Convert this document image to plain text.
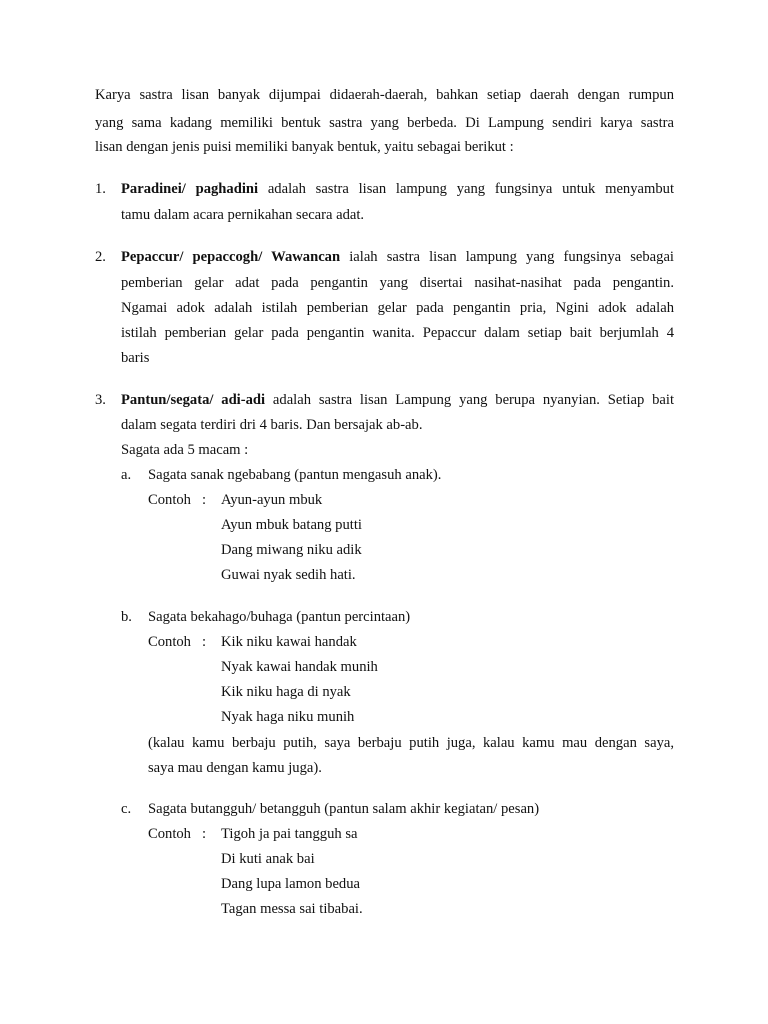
Karya sastra lisan banyak dijumpai didaerah-daerah, bahkan setiap daerah dengan rumpun
yang sama kadang memiliki bentuk sastra yang berbeda. Di Lampung sendiri karya sastra
lisan dengan jenis puisi memiliki banyak bentuk, yaitu sebagai berikut :
1. Paradinei/ paghadini adalah sastra lisan lampung yang fungsinya untuk menyambut
tamu dalam acara pernikahan secara adat.
2. Pepaccur/ pepaccogh/ Wawancan ialah sastra lisan lampung yang fungsinya sebagai
pemberian gelar adat pada pengantin yang disertai nasihat-nasihat pada pengantin.
Ngamai adok adalah istilah pemberian gelar pada pengantin pria, Ngini adok adalah
istilah pemberian gelar pada pengantin wanita. Pepaccur dalam setiap bait berjumlah 4
baris
3. Pantun/segata/ adi-adi adalah sastra lisan Lampung yang berupa nyanyian. Setiap bait
dalam segata terdiri dri 4 baris. Dan bersajak ab-ab.
Sagata ada 5 macam :
a. Sagata sanak ngebabang (pantun mengasuh anak).
Contoh : Ayun-ayun mbuk
Ayun mbuk batang putti
Dang miwang niku adik
Guwai nyak sedih hati.
b. Sagata bekahago/buhaga (pantun percintaan)
Contoh : Kik niku kawai handak
Nyak kawai handak munih
Kik niku haga di nyak
Nyak haga niku munih
(kalau kamu berbaju putih, saya berbaju putih juga, kalau kamu mau dengan saya,
saya mau dengan kamu juga).
c. Sagata butangguh/ betangguh (pantun salam akhir kegiatan/ pesan)
Contoh : Tigoh ja pai tangguh sa
Di kuti anak bai
Dang lupa lamon bedua
Tagan messa sai tibabai.
